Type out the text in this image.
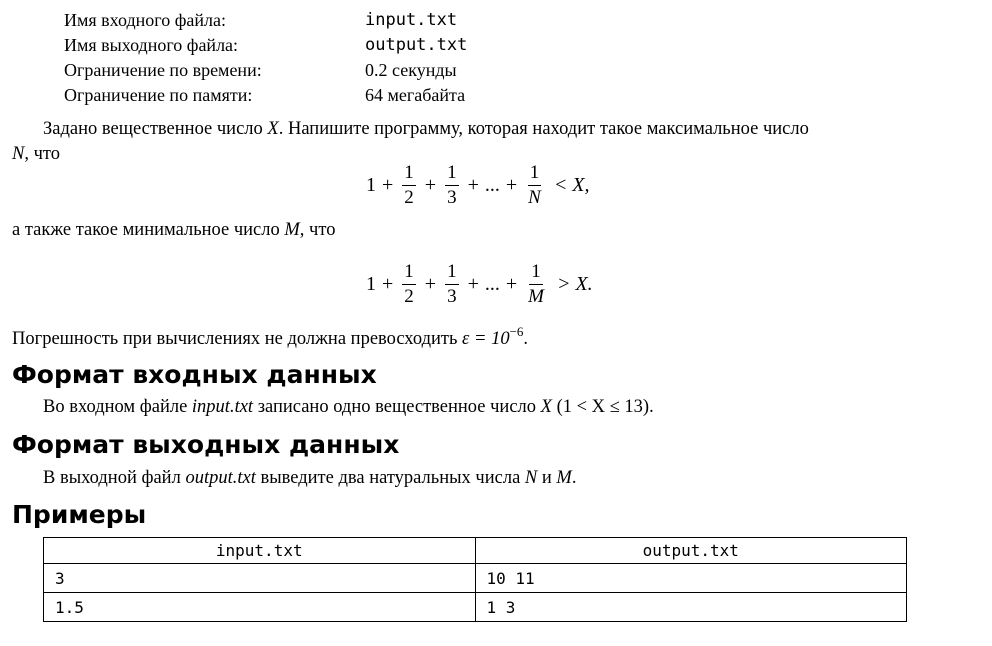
Имя входного файла:	input.txt
Имя выходного файла:	output.txt
Ограничение по времени:	0.2 секунды
Ограничение по памяти:	64 мегабайта
Задано вещественное число X. Напишите программу, которая находит такое максимальное число
N, что
$1 + \frac{1}{2} + \frac{1}{3}$ + ... + $\frac{1}{N} < X$,
а также такое минимальное число M, что
$1 + \frac{1}{2} + \frac{1}{3}$ + ... + $\frac{1}{M} > X$.
Погрешность при вычислениях не должна превосходить $\varepsilon = 10^{-6}$.
Формат входных данных
Во входном файле input.txt записано одно вещественное число X (1 < X ≤ 13).
Формат выходных данных
В выходной файл output.txt выведите два натуральных числа N и M.
Примеры
input.txt	output.txt
3	10 11
1.5	1 3
